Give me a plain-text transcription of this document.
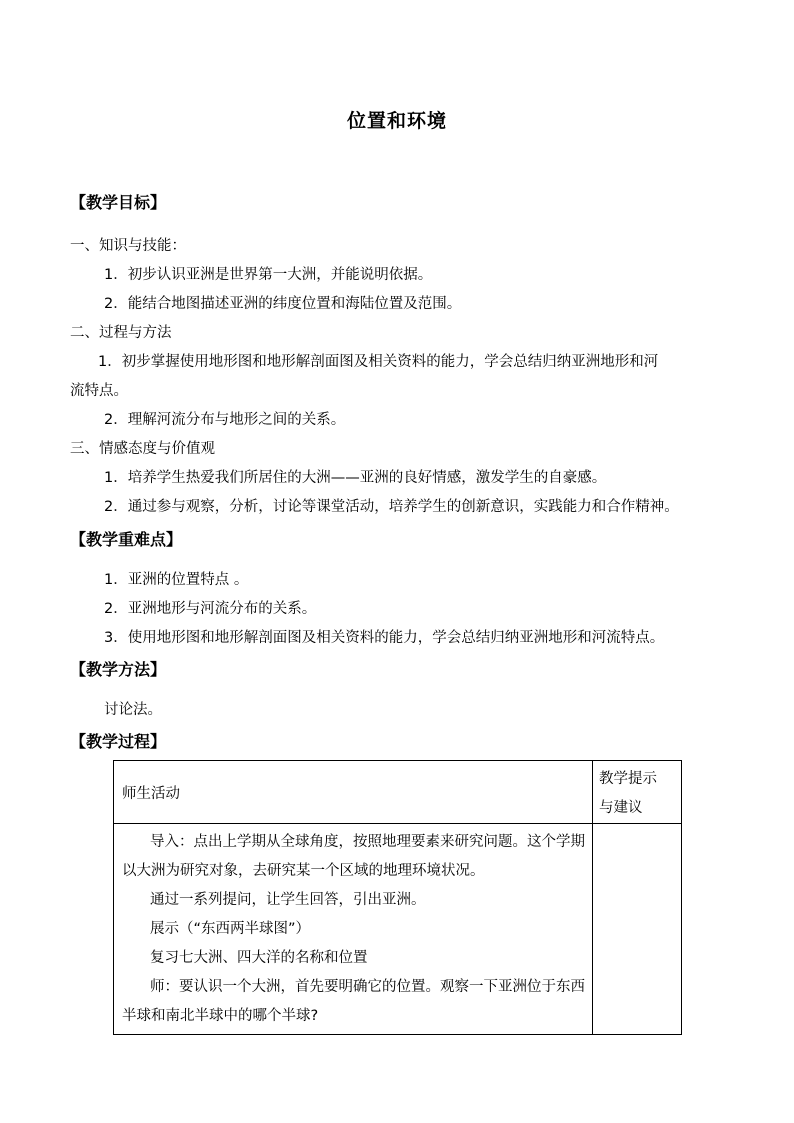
位置和环境
【教学目标】
一、知识与技能：
1．初步认识亚洲是世界第一大洲，并能说明依据。
2．能结合地图描述亚洲的纬度位置和海陆位置及范围。
二、过程与方法
1．初步掌握使用地形图和地形解剖面图及相关资料的能力，学会总结归纳亚洲地形和河
流特点。
2．理解河流分布与地形之间的关系。
三、情感态度与价值观
1．培养学生热爱我们所居住的大洲——亚洲的良好情感，激发学生的自豪感。
2．通过参与观察，分析，讨论等课堂活动，培养学生的创新意识，实践能力和合作精神。
【教学重难点】
1．亚洲的位置特点 。
2．亚洲地形与河流分布的关系。
3．使用地形图和地形解剖面图及相关资料的能力，学会总结归纳亚洲地形和河流特点。
【教学方法】
讨论法。
【教学过程】
师生活动	教学提示
与建议

导入：点出上学期从全球角度，按照地理要素来研究问题。这个学期以大洲为研究对象，去研究某一个区域的地理环境状况。

通过一系列提问，让学生回答，引出亚洲。

展示（“东西两半球图”）

复习七大洲、四大洋的名称和位置

师：要认识一个大洲，首先要明确它的位置。观察一下亚洲位于东西半球和南北半球中的哪个半球?	
